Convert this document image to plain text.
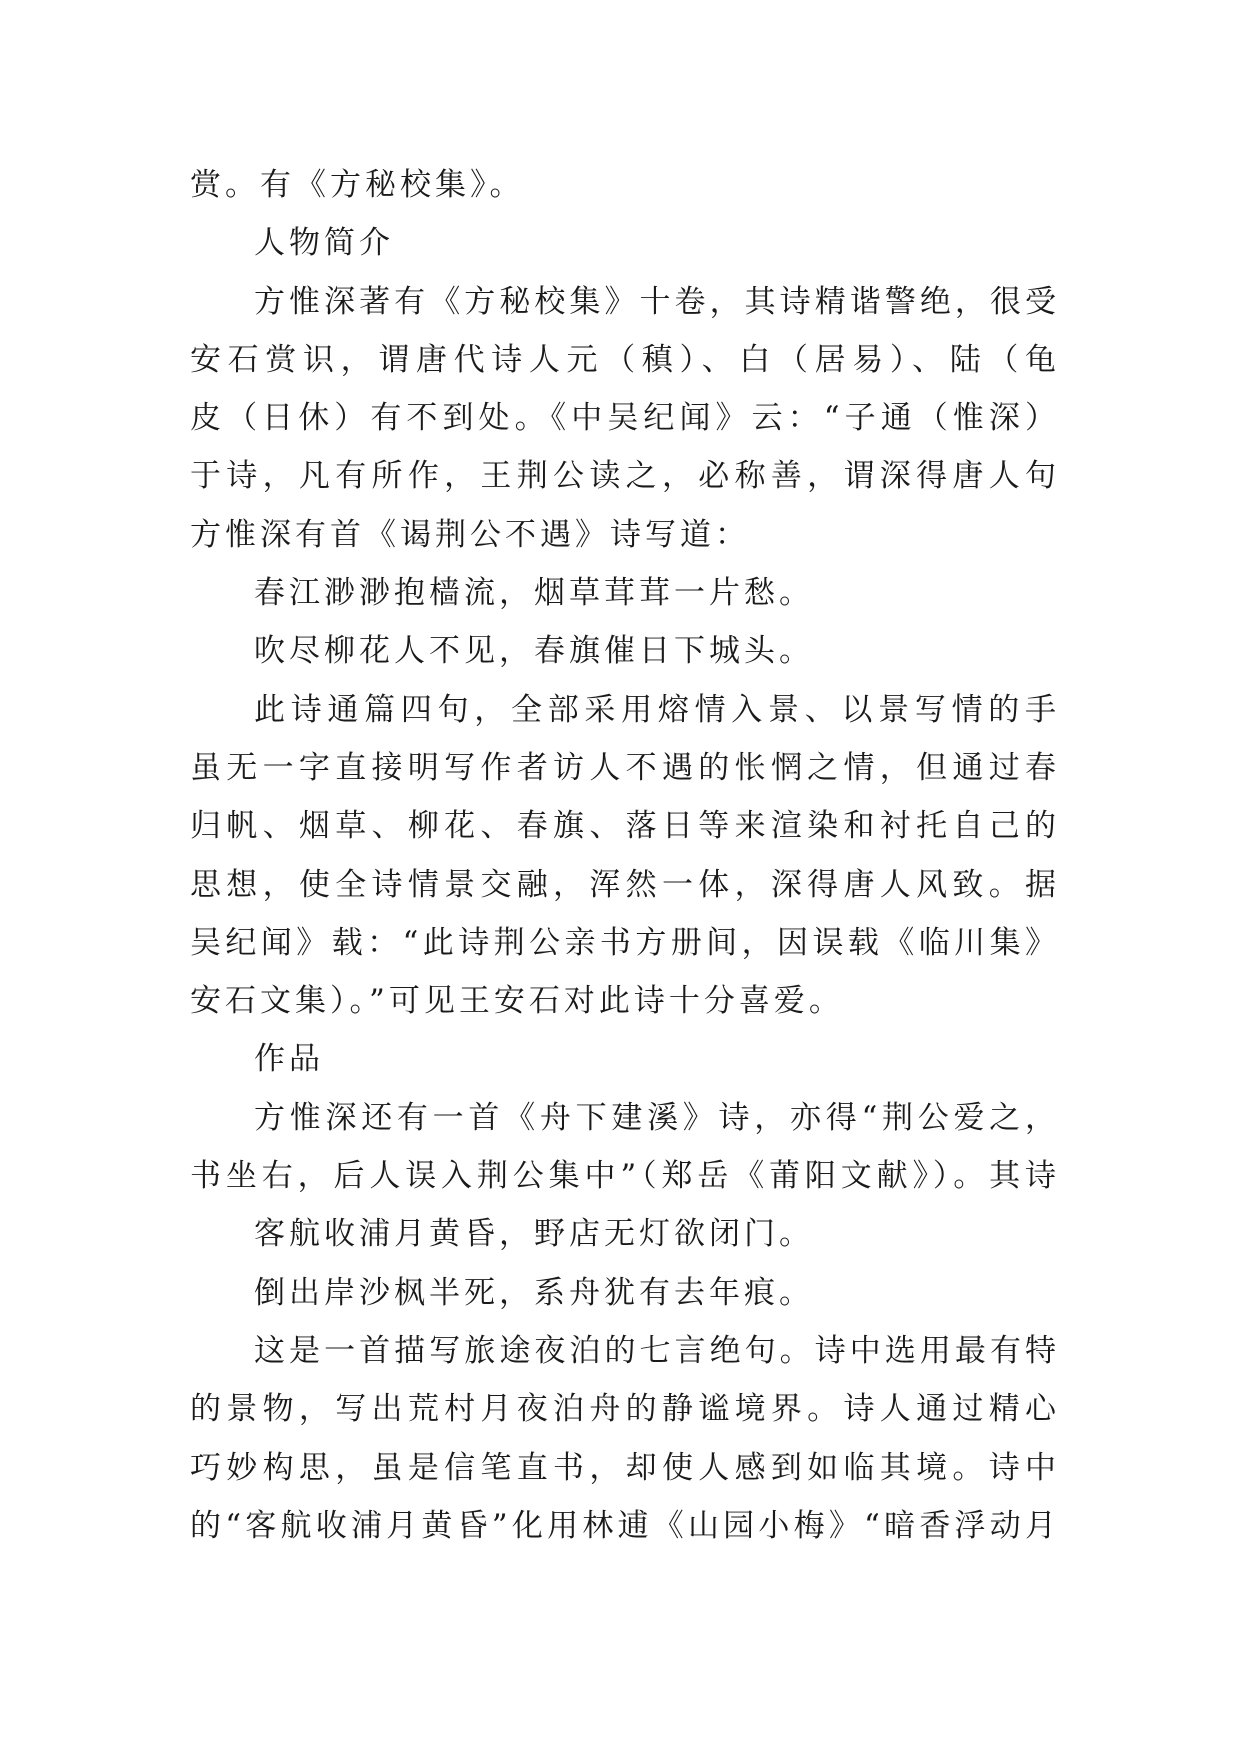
赏。有《方秘校集》。
人物简介
方惟深著有《方秘校集》十卷，其诗精谐警绝，很受
安石赏识，谓唐代诗人元（稹）、白（居易）、陆（龟
皮（日休）有不到处。《中吴纪闻》云：“子通（惟深）
于诗，凡有所作，王荆公读之，必称善，谓深得唐人句
方惟深有首《谒荆公不遇》诗写道：
春江渺渺抱樯流，烟草茸茸一片愁。
吹尽柳花人不见，春旗催日下城头。
此诗通篇四句，全部采用熔情入景、以景写情的手
虽无一字直接明写作者访人不遇的怅惘之情，但通过春
归帆、烟草、柳花、春旗、落日等来渲染和衬托自己的
思想，使全诗情景交融，浑然一体，深得唐人风致。据
吴纪闻》载：“此诗荆公亲书方册间，因误载《临川集》
安石文集）。”可见王安石对此诗十分喜爱。
作品
方惟深还有一首《舟下建溪》诗，亦得“荆公爱之，
书坐右，后人误入荆公集中”（郑岳《莆阳文献》）。其诗
客航收浦月黄昏，野店无灯欲闭门。
倒出岸沙枫半死，系舟犹有去年痕。
这是一首描写旅途夜泊的七言绝句。诗中选用最有特
的景物，写出荒村月夜泊舟的静谧境界。诗人通过精心
巧妙构思，虽是信笔直书，却使人感到如临其境。诗中
的“客航收浦月黄昏”化用林逋《山园小梅》“暗香浮动月
